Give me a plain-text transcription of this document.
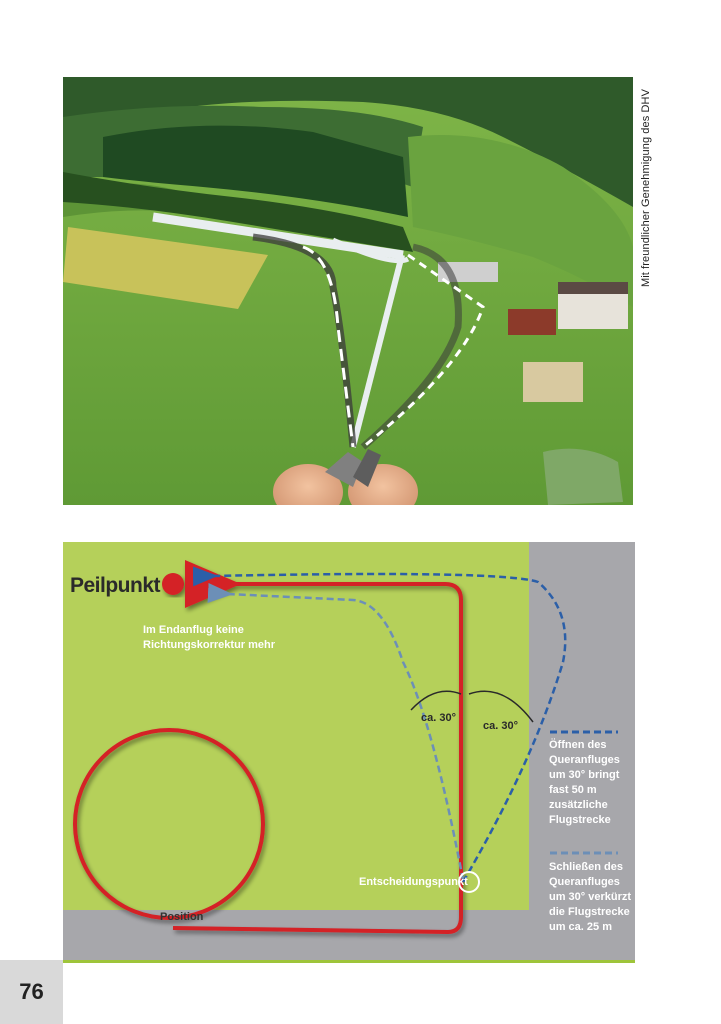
Mit freundlicher Genehmigung des DHV
Peilpunkt
Im Endanflug keine Richtungskorrektur mehr
ca. 30°
ca. 30°
Entscheidungspunkt
Position
Öffnen des Queranfluges um 30° bringt fast 50 m zusätzliche Flugstrecke
Schließen des Queranfluges um 30° verkürzt die Flugstrecke um ca. 25 m
76
